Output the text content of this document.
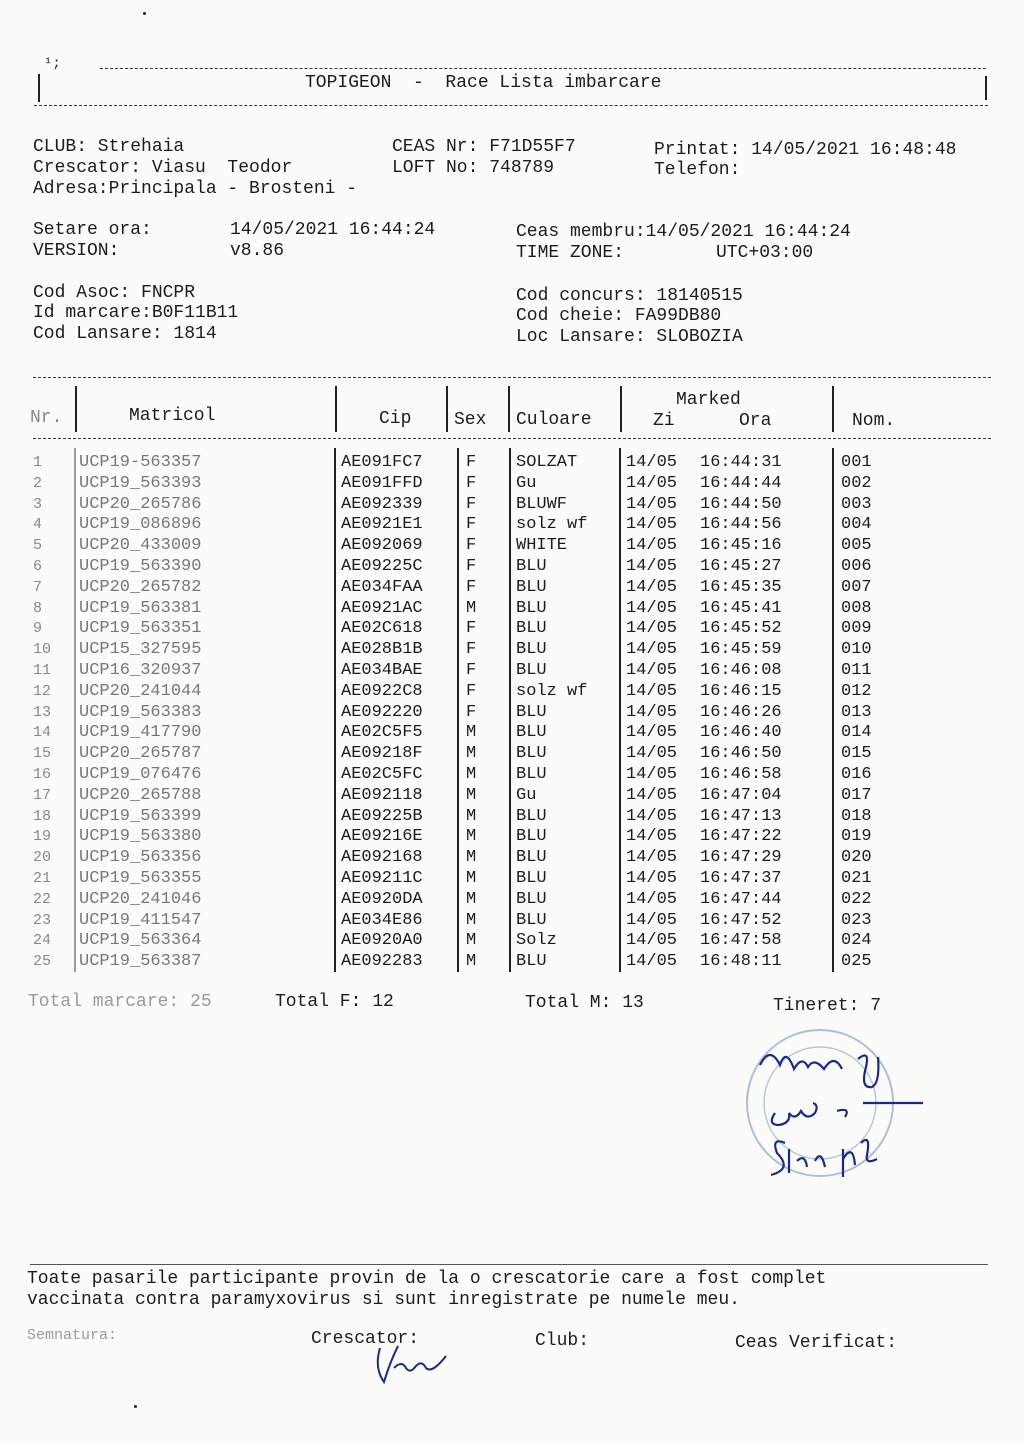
¹;
TOPIGEON  -  Race Lista imbarcare
CLUB: Strehaia	CEAS Nr: F71D55F7	Printat: 14/05/2021 16:48:48
Crescator: Viasu  Teodor	LOFT No: 748789	Telefon:
Adresa:Principala - Brosteni -
Setare ora:	14/05/2021 16:44:24	Ceas membru:14/05/2021 16:44:24
VERSION:	v8.86	TIME ZONE:	UTC+03:00
Cod Asoc: FNCPR	Cod concurs: 18140515
Id marcare:B0F11B11	Cod cheie: FA99DB80
Cod Lansare: 1814	Loc Lansare: SLOBOZIA
Nr.	Matricol	Cip Sex Culoare
Marked
Zi	Ora	Nom.
1 UCP19-563357	AE091FC7	F SOLZAT	14/05 16:44:31	001
2 UCP19_563393	AE091FFD	F Gu	14/05 16:44:44	002
3 UCP20_265786	AE092339	F BLUWF	14/05 16:44:50	003
4 UCP19_086896	AE0921E1	F solz wf 14/05 16:44:56	004
5 UCP20_433009	AE092069	F WHITE	14/05 16:45:16	005
6 UCP19_563390	AE09225C	F BLU	14/05 16:45:27	006
7 UCP20_265782	AE034FAA	F BLU	14/05 16:45:35	007
8 UCP19_563381	AE0921AC	M BLU	14/05 16:45:41	008
9 UCP19_563351	AE02C618	F BLU	14/05 16:45:52	009
10 UCP15_327595	AE028B1B	F BLU	14/05 16:45:59	010
11 UCP16_320937	AE034BAE	F BLU	14/05 16:46:08	011
12 UCP20_241044	AE0922C8	F solz wf 14/05 16:46:15	012
13 UCP19_563383	AE092220	F BLU	14/05 16:46:26	013
14 UCP19_417790	AE02C5F5	M BLU	14/05 16:46:40	014
15 UCP20_265787	AE09218F	M BLU	14/05 16:46:50	015
16 UCP19_076476	AE02C5FC	M BLU	14/05 16:46:58	016
17 UCP20_265788	AE092118	M Gu	14/05 16:47:04	017
18 UCP19_563399	AE09225B	M BLU	14/05 16:47:13	018
19 UCP19_563380	AE09216E	M BLU	14/05 16:47:22	019
20 UCP19_563356	AE092168	M BLU	14/05 16:47:29	020
21 UCP19_563355	AE09211C	M BLU	14/05 16:47:37	021
22 UCP20_241046	AE0920DA	M BLU	14/05 16:47:44	022
23 UCP19_411547	AE034E86	M BLU	14/05 16:47:52	023
24 UCP19_563364	AE0920A0	M Solz	14/05 16:47:58	024
25 UCP19_563387	AE092283	M BLU	14/05 16:48:11	025
Total marcare: 25	Total F: 12	Total M: 13	Tineret: 7
Toate pasarile participante provin de la o crescatorie care a fost complet
vaccinata contra paramyxovirus si sunt inregistrate pe numele meu.
Semnatura:	Crescator:	Club:	Ceas Verificat:
